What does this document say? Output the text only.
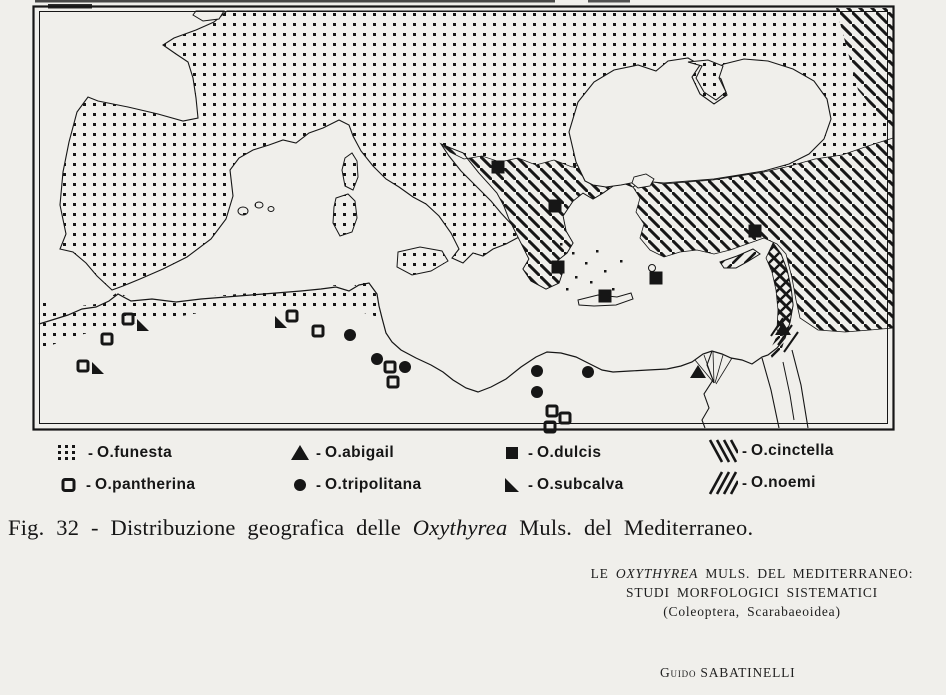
- O.funesta
- O.pantherina
- O.abigail
- O.tripolitana
- O.dulcis
- O.subcalva
- O.cinctella
- O.noemi
Fig. 32 - Distribuzione geografica delle Oxythyrea Muls. del Mediterraneo.
LE OXYTHYREA MULS. DEL MEDITERRANEO:
STUDI MORFOLOGICI SISTEMATICI
(Coleoptera, Scarabaeoidea)
Guido SABATINELLI
